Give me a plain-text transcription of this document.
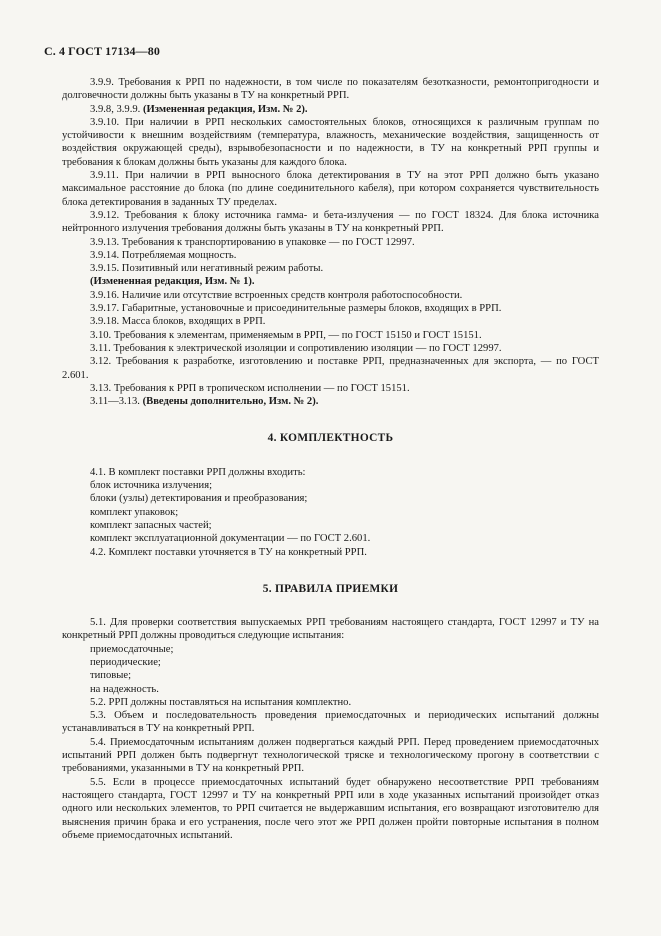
С. 4 ГОСТ 17134—80

3.9.9. Требования к РРП по надежности, в том числе по показателям безотказности, ремонтопригодности и долговечности должны быть указаны в ТУ на конкретный РРП.

3.9.8, 3.9.9. (Измененная редакция, Изм. № 2).

3.9.10. При наличии в РРП нескольких самостоятельных блоков, относящихся к различным группам по устойчивости к внешним воздействиям (температура, влажность, механические воздействия, защищенность от воздействия окружающей среды), взрывобезопасности и по надежности, в ТУ на конкретный РРП группы и требования к блокам должны быть указаны для каждого блока.

3.9.11. При наличии в РРП выносного блока детектирования в ТУ на этот РРП должно быть указано максимальное расстояние до блока (по длине соединительного кабеля), при котором сохраняется чувствительность блока детектирования в заданных ТУ пределах.

3.9.12. Требования к блоку источника гамма- и бета-излучения — по ГОСТ 18324. Для блока источника нейтронного излучения требования должны быть указаны в ТУ на конкретный РРП.

3.9.13. Требования к транспортированию в упаковке — по ГОСТ 12997.

3.9.14. Потребляемая мощность.

3.9.15. Позитивный или негативный режим работы.

(Измененная редакция, Изм. № 1).

3.9.16. Наличие или отсутствие встроенных средств контроля работоспособности.

3.9.17. Габаритные, установочные и присоединительные размеры блоков, входящих в РРП.

3.9.18. Масса блоков, входящих в РРП.

3.10. Требования к элементам, применяемым в РРП, — по ГОСТ 15150 и ГОСТ 15151.

3.11. Требования к электрической изоляции и сопротивлению изоляции — по ГОСТ 12997.

3.12. Требования к разработке, изготовлению и поставке РРП, предназначенных для экспорта, — по ГОСТ 2.601.

3.13. Требования к РРП в тропическом исполнении — по ГОСТ 15151.

3.11—3.13. (Введены дополнительно, Изм. № 2).

4. КОМПЛЕКТНОСТЬ

4.1. В комплект поставки РРП должны входить:

блок источника излучения;

блоки (узлы) детектирования и преобразования;

комплект упаковок;

комплект запасных частей;

комплект эксплуатационной документации — по ГОСТ 2.601.

4.2. Комплект поставки уточняется в ТУ на конкретный РРП.

5. ПРАВИЛА ПРИЕМКИ

5.1. Для проверки соответствия выпускаемых РРП требованиям настоящего стандарта, ГОСТ 12997 и ТУ на конкретный РРП должны проводиться следующие испытания:

приемосдаточные;

периодические;

типовые;

на надежность.

5.2. РРП должны поставляться на испытания комплектно.

5.3. Объем и последовательность проведения приемосдаточных и периодических испытаний должны устанавливаться в ТУ на конкретный РРП.

5.4. Приемосдаточным испытаниям должен подвергаться каждый РРП. Перед проведением приемосдаточных испытаний РРП должен быть подвергнут технологической тряске и технологическому прогону в соответствии с требованиями, указанными в ТУ на конкретный РРП.

5.5. Если в процессе приемосдаточных испытаний будет обнаружено несоответствие РРП требованиям настоящего стандарта, ГОСТ 12997 и ТУ на конкретный РРП или в ходе указанных испытаний произойдет отказ одного или нескольких элементов, то РРП считается не выдержавшим испытания, его возвращают изготовителю для выяснения причин брака и его устранения, после чего этот же РРП должен пройти повторные испытания в полном объеме приемосдаточных испытаний.
